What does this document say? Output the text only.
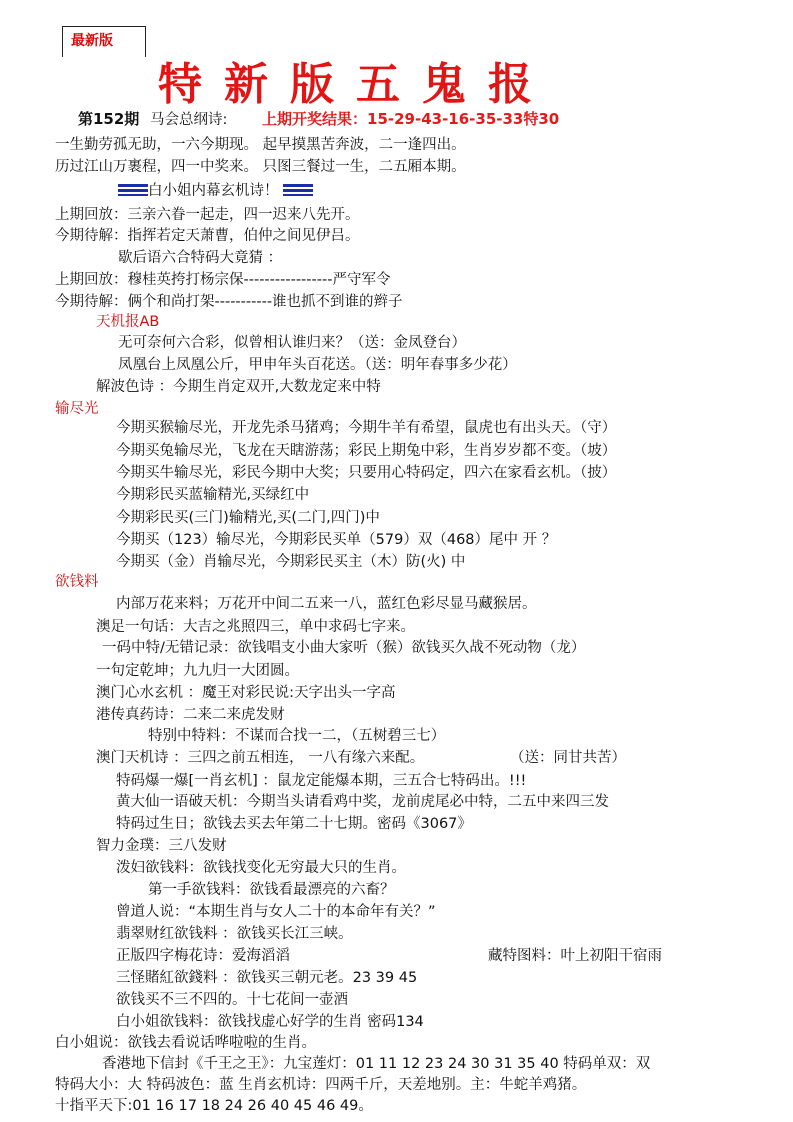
最新版
特新版五鬼报
第152期 马会总纲诗: 上期开奖结果：15-29-43-16-35-33特30
一生勤劳孤无助，一六今期现。 起早摸黑苦奔波，二一逢四出。
历过江山万裹程，四一中奖来。 只图三餐过一生，二五厢本期。
白小姐内幕玄机诗！
上期回放：三亲六眷一起走，四一迟来八先开。
今期待解：指挥若定天萧曹，伯仲之间见伊吕。
歇后语六合特码大竟猜 ：
上期回放：穆桂英挎打杨宗保-----------------严守军令
今期待解：俩个和尚打架-----------谁也抓不到谁的辫子
天机报AB
无可奈何六合彩，似曾相认谁归来？（送：金凤登台）
凤凰台上凤凰公斤，甲申年头百花送。（送：明年春事多少花）
解波色诗 ：今期生肖定双开,大数龙定来中特
输尽光
今期买猴输尽光，开龙先杀马猪鸡；今期牛羊有希望，鼠虎也有出头天。（守）
今期买兔输尽光，飞龙在天瞎游荡；彩民上期兔中彩，生肖岁岁都不变。（坡）
今期买牛输尽光，彩民今期中大奖；只要用心特码定，四六在家看玄机。（披）
今期彩民买蓝输精光,买绿红中
今期彩民买(三门)输精光,买(二门,四门)中
今期买（123）输尽光，今期彩民买单（579）双（468）尾中 开 ？
今期买（金）肖输尽光，今期彩民买主（木）防(火) 中
欲钱料
内部万花来料；万花开中间二五来一八，蓝红色彩尽显马藏猴居。
澳足一句话：大吉之兆照四三，单中求码七字来。
一码中特/无错记录：欲钱唱支小曲大家听（猴）欲钱买久战不死动物（龙）
一句定乾坤；九九归一大团圆。
澳门心水玄机 ：魔王对彩民说:天字出头一字高
港传真药诗：二来二来虎发财
特别中特料：不谋而合找一二，（五树碧三七）
澳门天机诗 ：三四之前五相连， 一八有缘六来配。	（送：同甘共苦）
特码爆一爆[一肖玄机] ：鼠龙定能爆本期，三五合七特码出。!!!
黄大仙一语破天机：今期当头请看鸡中奖，龙前虎尾必中特，二五中来四三发
特码过生日；欲钱去买去年第二十七期。密码《3067》
智力金璞：三八发财
泼妇欲钱料：欲钱找变化无穷最大只的生肖。
第一手欲钱料：欲钱看最漂亮的六畜？
曾道人说：“本期生肖与女人二十的本命年有关？”
翡翠财红欲钱料 ：欲钱买长江三峡。
正版四字梅花诗：爱海滔滔	藏特图料：叶上初阳干宿雨
三怪賭紅欲錢料 ：欲钱买三朝元老。23 39 45
欲钱买不三不四的。十七花间一壶酒
白小姐欲钱料：欲钱找虚心好学的生肖 密码134
白小姐说：欲钱去看说话哗啦啦的生肖。
香港地下信封《千王之王》：九宝莲灯：01 11 12 23 24 30 31 35 40 特码单双：双
特码大小：大 特码波色：蓝 生肖玄机诗：四两千斤，天差地别。主：牛蛇羊鸡猪。
十指平天下:01 16 17 18 24 26 40 45 46 49。
